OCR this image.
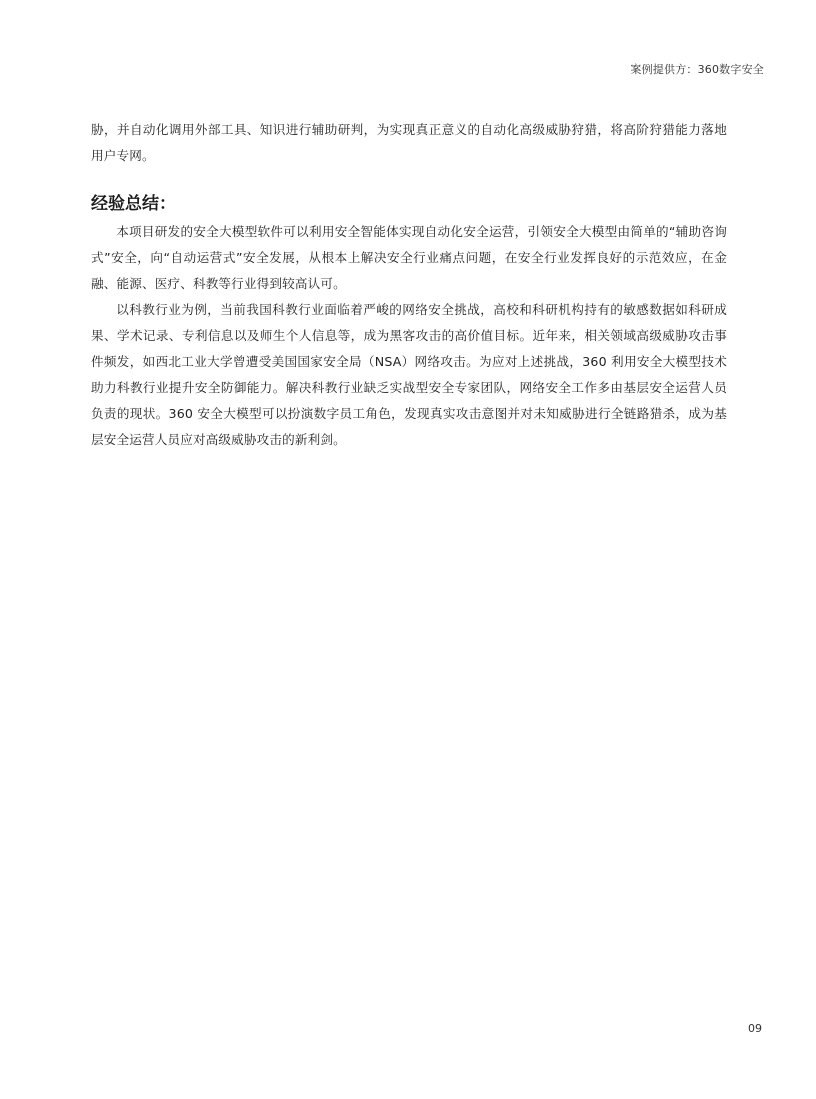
案例提供方：360数字安全

胁，并自动化调用外部工具、知识进行辅助研判，为实现真正意义的自动化高级威胁狩猎，将高阶狩猎能力落地用户专网。

经验总结：

本项目研发的安全大模型软件可以利用安全智能体实现自动化安全运营，引领安全大模型由简单的“辅助咨询式”安全，向“自动运营式”安全发展，从根本上解决安全行业痛点问题，在安全行业发挥良好的示范效应，在金融、能源、医疗、科教等行业得到较高认可。

以科教行业为例，当前我国科教行业面临着严峻的网络安全挑战，高校和科研机构持有的敏感数据如科研成果、学术记录、专利信息以及师生个人信息等，成为黑客攻击的高价值目标。近年来，相关领域高级威胁攻击事件频发，如西北工业大学曾遭受美国国家安全局（NSA）网络攻击。为应对上述挑战，360 利用安全大模型技术助力科教行业提升安全防御能力。解决科教行业缺乏实战型安全专家团队，网络安全工作多由基层安全运营人员负责的现状。360 安全大模型可以扮演数字员工角色，发现真实攻击意图并对未知威胁进行全链路猎杀，成为基层安全运营人员应对高级威胁攻击的新利剑。

09
